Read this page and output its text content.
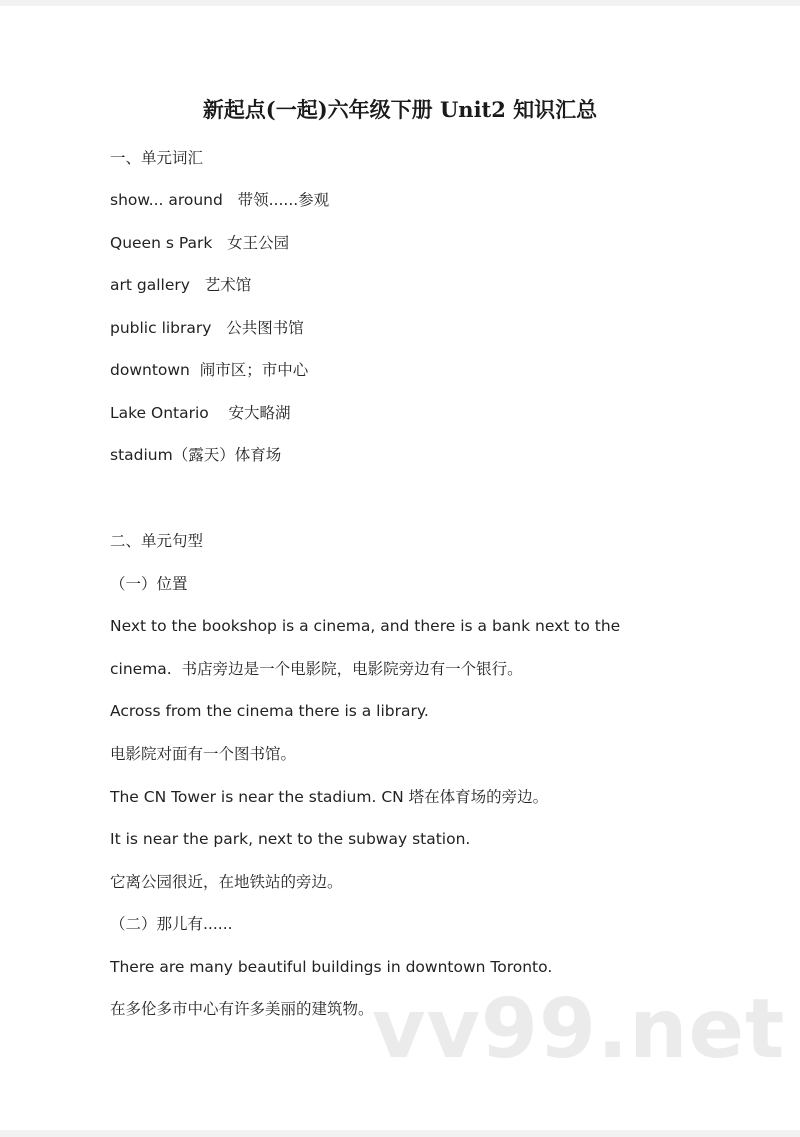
新起点(一起)六年级下册 Unit2 知识汇总
一、单元词汇
show... around   带领......参观
Queen s Park   女王公园
art gallery   艺术馆
public library   公共图书馆
downtown  闹市区；市中心
Lake Ontario    安大略湖
stadium（露天）体育场
二、单元句型
（一）位置
Next to the bookshop is a cinema, and there is a bank next to the
cinema.  书店旁边是一个电影院，电影院旁边有一个银行。
Across from the cinema there is a library.
电影院对面有一个图书馆。
The CN Tower is near the stadium. CN 塔在体育场的旁边。
It is near the park, next to the subway station.
它离公园很近，在地铁站的旁边。
（二）那儿有......
There are many beautiful buildings in downtown Toronto.
在多伦多市中心有许多美丽的建筑物。
vv99.net
